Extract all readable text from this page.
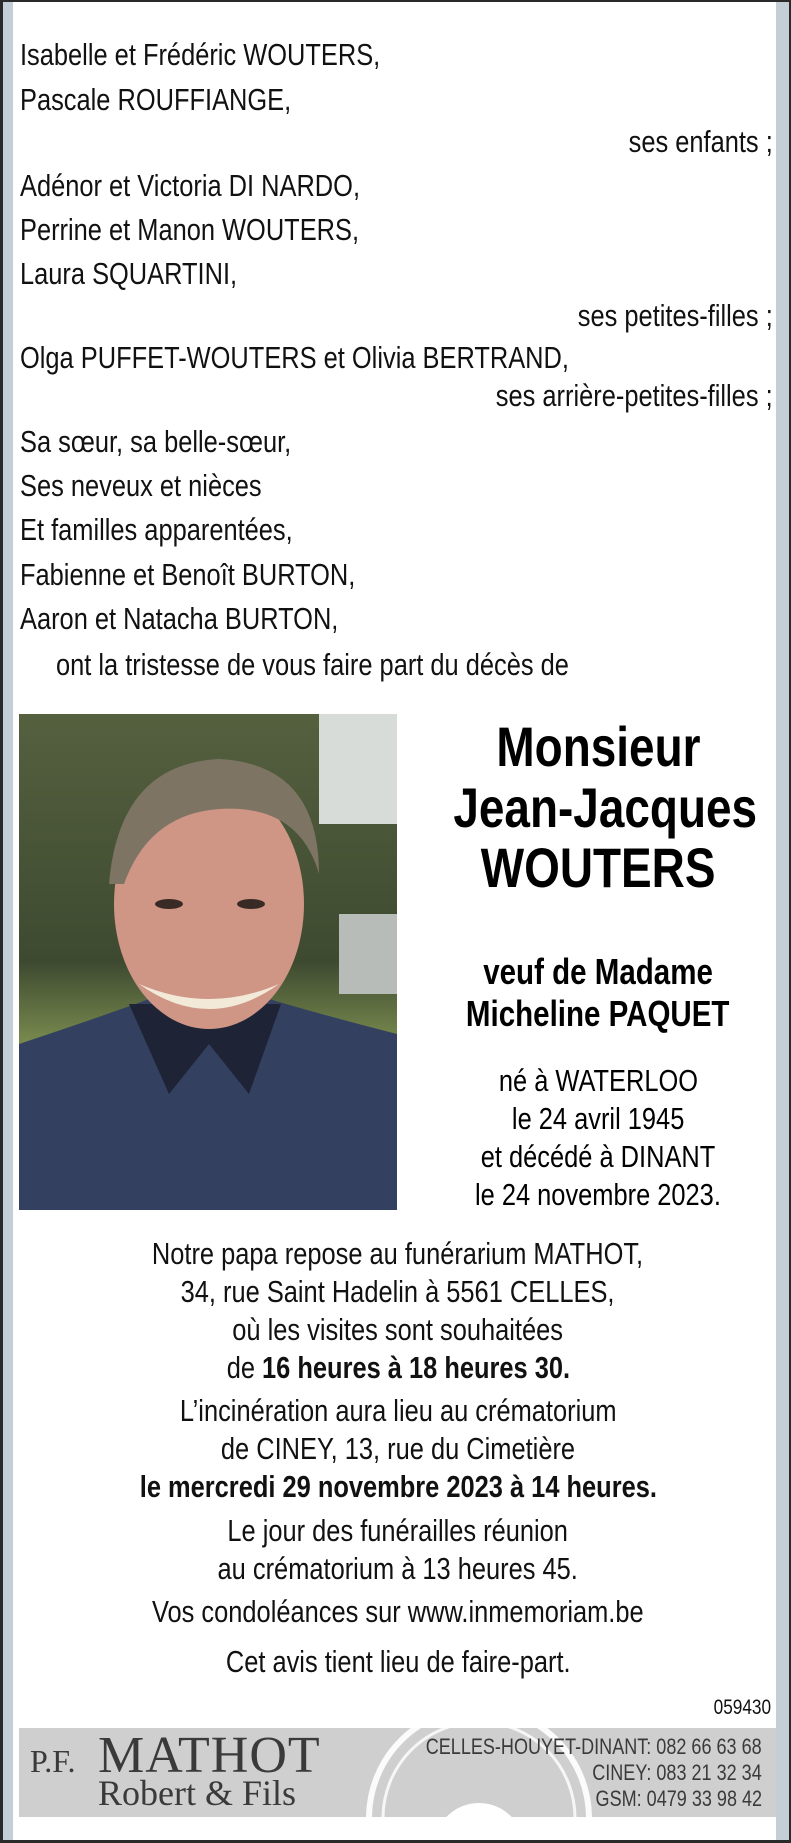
Isabelle et Frédéric WOUTERS,
Pascale ROUFFIANGE,
ses enfants ;
Adénor et Victoria DI NARDO,
Perrine et Manon WOUTERS,
Laura SQUARTINI,
ses petites-filles ;
Olga PUFFET-WOUTERS et Olivia BERTRAND,
ses arrière-petites-filles ;
Sa sœur, sa belle-sœur,
Ses neveux et nièces
Et familles apparentées,
Fabienne et Benoît BURTON,
Aaron et Natacha BURTON,
ont la tristesse de vous faire part du décès de
Monsieur
Jean-Jacques
WOUTERS
veuf de Madame
Micheline PAQUET
né à WATERLOO
le 24 avril 1945
et décédé à DINANT
le 24 novembre 2023.
Notre papa repose au funérarium MATHOT,
34, rue Saint Hadelin à 5561 CELLES,
où les visites sont souhaitées
de 16 heures à 18 heures 30.
L’incinération aura lieu au crématorium
de CINEY, 13, rue du Cimetière
le mercredi 29 novembre 2023 à 14 heures.
Le jour des funérailles réunion
au crématorium à 13 heures 45.
Vos condoléances sur www.inmemoriam.be
Cet avis tient lieu de faire-part.
059430
P.F. MATHOT
Robert & Fils
CELLES-HOUYET-DINANT: 082 66 63 68
CINEY: 083 21 32 34
GSM: 0479 33 98 42
